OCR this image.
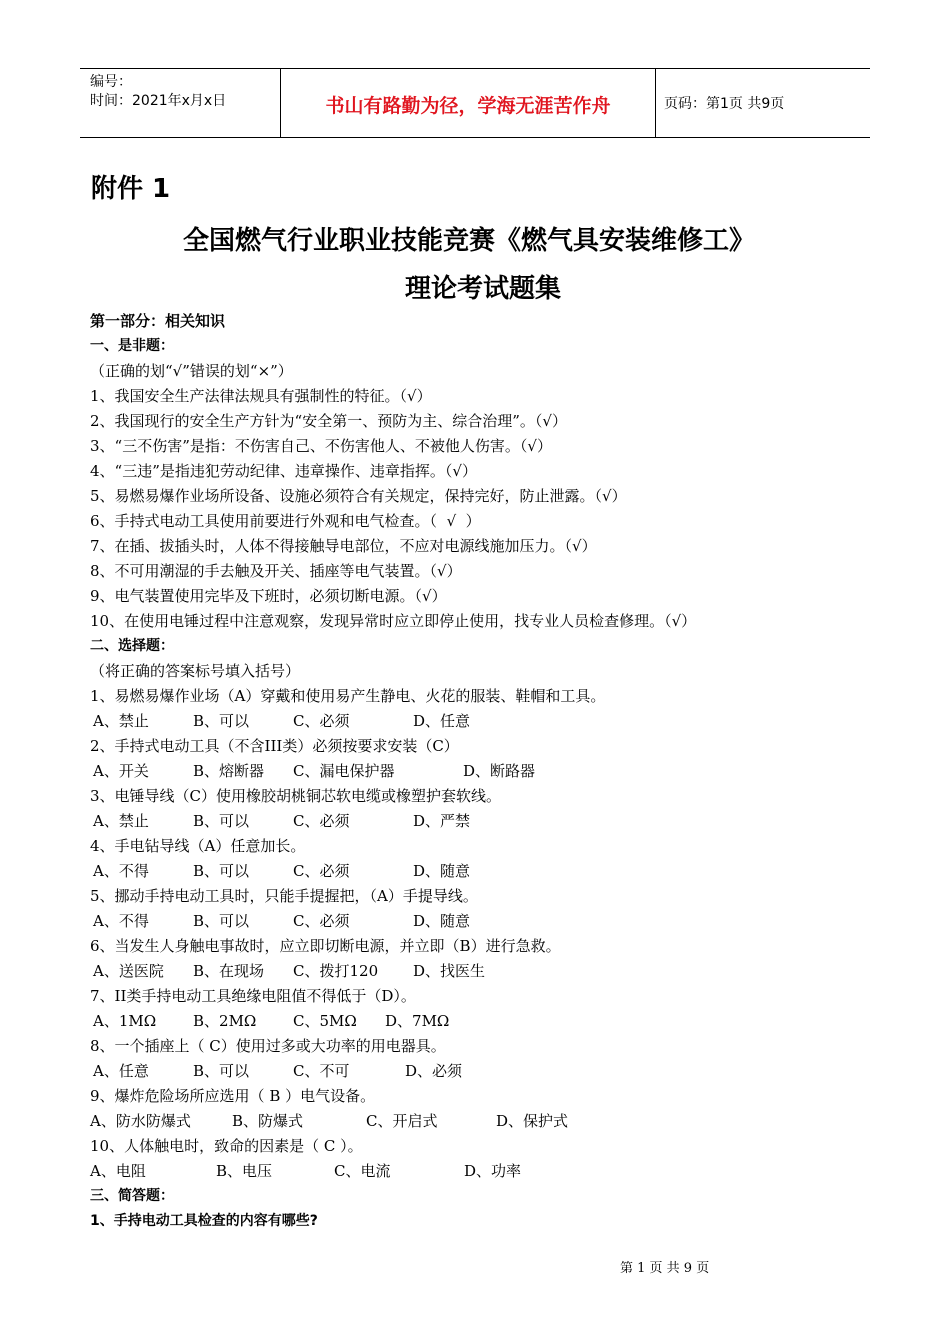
编号：
时间：2021年x月x日	书山有路勤为径，学海无涯苦作舟	页码：第1页 共9页
附件 1
全国燃气行业职业技能竞赛《燃气具安装维修工》
理论考试题集
第一部分：相关知识
一、是非题：
（正确的划“√”错误的划“×”）
1、我国安全生产法律法规具有强制性的特征。（√）
2、我国现行的安全生产方针为“安全第一、预防为主、综合治理”。（√）
3、“三不伤害”是指：不伤害自己、不伤害他人、不被他人伤害。（√）
4、“三违”是指违犯劳动纪律、违章操作、违章指挥。（√）
5、易燃易爆作业场所设备、设施必须符合有关规定，保持完好，防止泄露。（√）
6、手持式电动工具使用前要进行外观和电气检查。（  √  ）
7、在插、拔插头时，人体不得接触导电部位，不应对电源线施加压力。（√）
8、不可用潮湿的手去触及开关、插座等电气装置。（√）
9、电气装置使用完毕及下班时，必须切断电源。（√）
10、在使用电锤过程中注意观察，发现异常时应立即停止使用，找专业人员检查修理。（√）
二、选择题：
（将正确的答案标号填入括号）
1、易燃易爆作业场（A）穿戴和使用易产生静电、火花的服装、鞋帽和工具。
A、禁止	B、可以	C、必须	D、任意
2、手持式电动工具（不含III类）必须按要求安装（C）
A、开关	B、熔断器	C、漏电保护器	D、断路器
3、电锤导线（C）使用橡胶胡桃铜芯软电缆或橡塑护套软线。
A、禁止	B、可以	C、必须	D、严禁
4、手电钻导线（A）任意加长。
A、不得	B、可以	C、必须	D、随意
5、挪动手持电动工具时，只能手提握把，（A）手提导线。
A、不得	B、可以	C、必须	D、随意
6、当发生人身触电事故时，应立即切断电源，并立即（B）进行急救。
A、送医院	B、在现场	C、拨打120	D、找医生
7、II类手持电动工具绝缘电阻值不得低于（D）。
A、1MΩ	B、2MΩ	C、5MΩ	D、7MΩ
8、一个插座上（ C）使用过多或大功率的用电器具。
A、任意	B、可以	C、不可	D、必须
9、爆炸危险场所应选用（ B ）电气设备。
A、防水防爆式	B、防爆式	C、开启式	D、保护式
10、人体触电时，致命的因素是（ C ）。
A、电阻	B、电压	C、电流	D、功率
三、简答题：
1、手持电动工具检查的内容有哪些?
第 1 页 共 9 页
